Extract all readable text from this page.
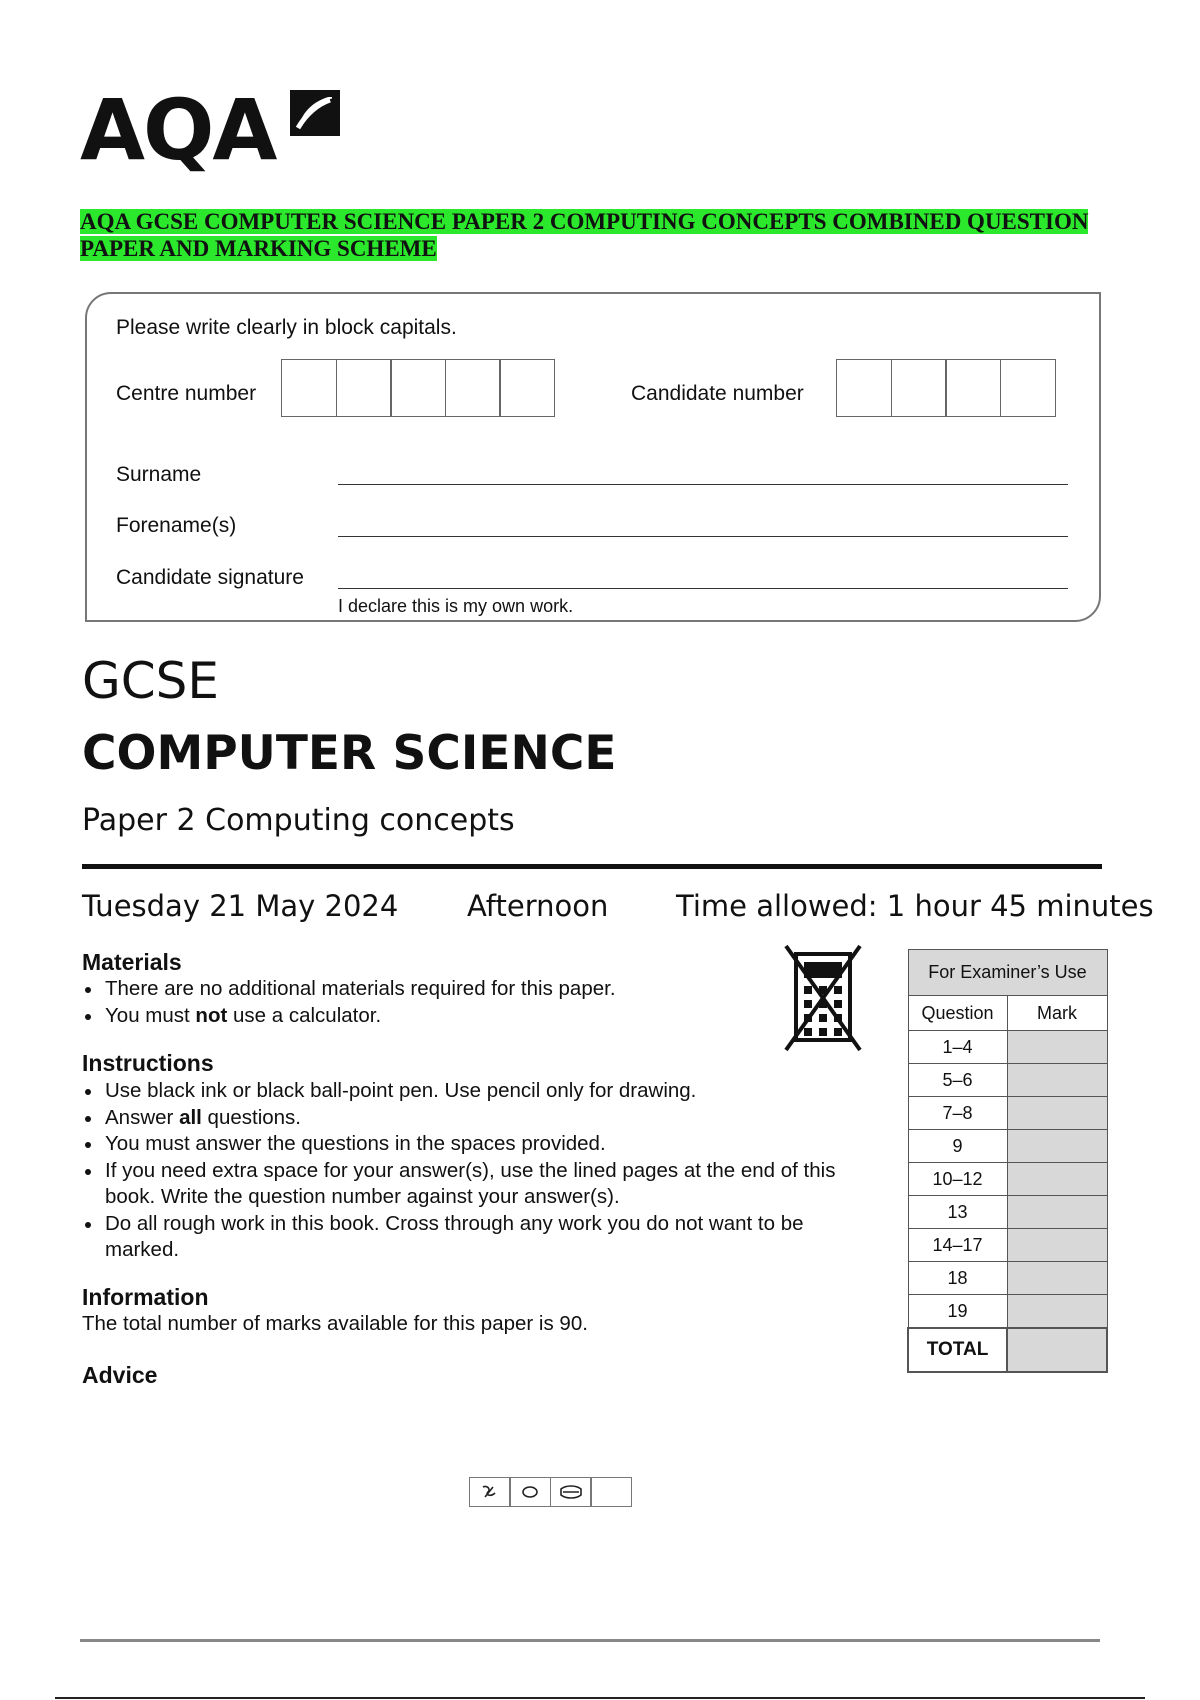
AQA
AQA GCSE COMPUTER SCIENCE PAPER 2 COMPUTING CONCEPTS COMBINED QUESTION PAPER AND MARKING SCHEME
Please write clearly in block capitals.
Centre number	Candidate number
Surname
Forename(s)
Candidate signature
I declare this is my own work.
GCSE
COMPUTER SCIENCE
Paper 2 Computing concepts
Tuesday 21 May 2024 Afternoon Time allowed: 1 hour 45 minutes
Materials
There are no additional materials required for this paper.
You must not use a calculator.
Instructions
Use black ink or black ball-point pen. Use pencil only for drawing.
Answer all questions.
You must answer the questions in the spaces provided.
If you need extra space for your answer(s), use the lined pages at the end of this book. Write the question number against your answer(s).
Do all rough work in this book. Cross through any work you do not want to be marked.
Information
The total number of marks available for this paper is 90.
Advice
For Examiner’s Use	
Question	Mark
1–4	
5–6	
7–8	
9	
10–12	
13	
14–17	
18	
19	
TOTAL	
